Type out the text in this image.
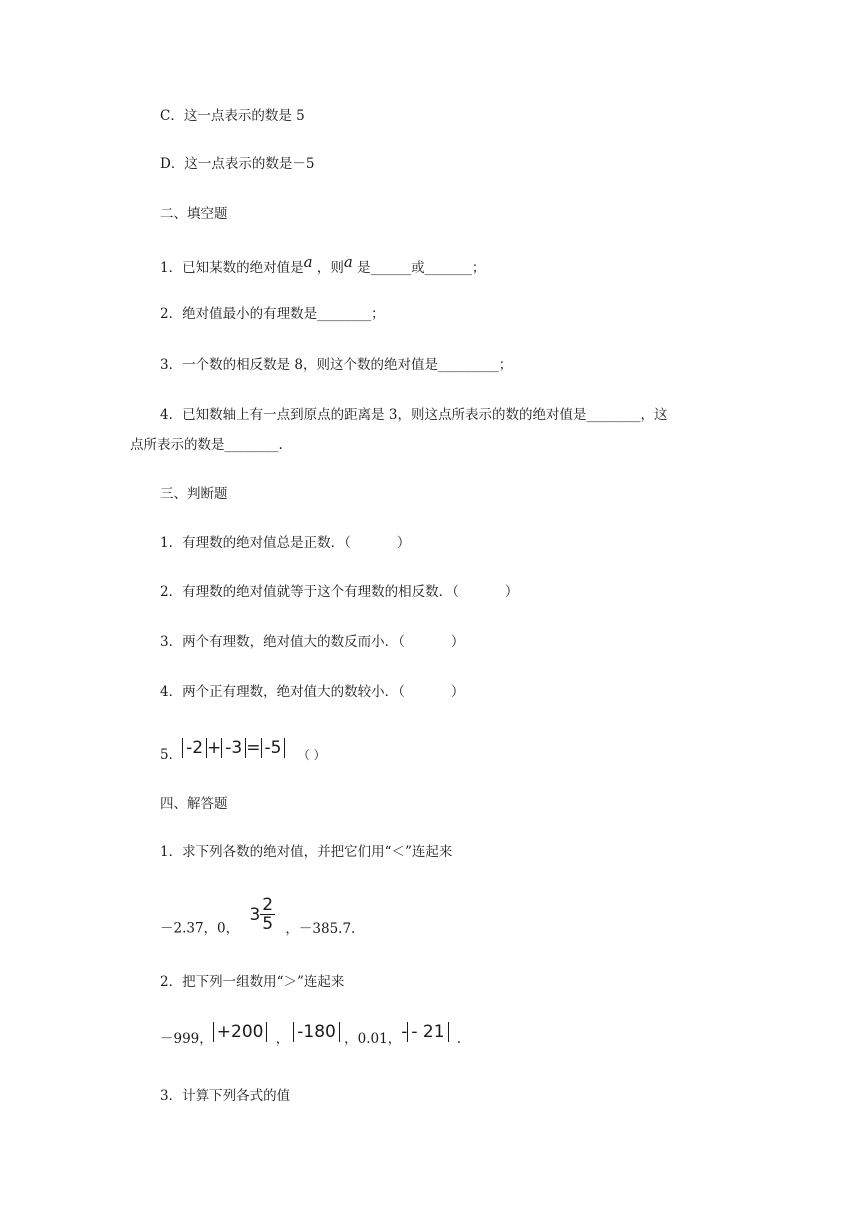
C．这一点表示的数是 5
D．这一点表示的数是－5
二、填空题
1．已知某数的绝对值是a ，则a 是______或_______；
2．绝对值最小的有理数是________；
3．一个数的相反数是 8，则这个数的绝对值是_________；
4．已知数轴上有一点到原点的距离是 3，则这点所表示的数的绝对值是________，这
点所表示的数是________.
三、判断题
1．有理数的绝对值总是正数．（	）
2．有理数的绝对值就等于这个有理数的相反数．（	）
3．两个有理数，绝对值大的数反而小．（	）
4．两个正有理数，绝对值大的数较小．（	）
5． -2 + -3 = -5 （ ）
四、解答题
1．求下列各数的绝对值，并把它们用“＜”连起来
－2.37，0， $3 \frac{2}{5}$ ，－385.7.
2．把下列一组数用“＞”连起来
－999， +200 ， -180 ，0.01，- - 21 .
3．计算下列各式的值
